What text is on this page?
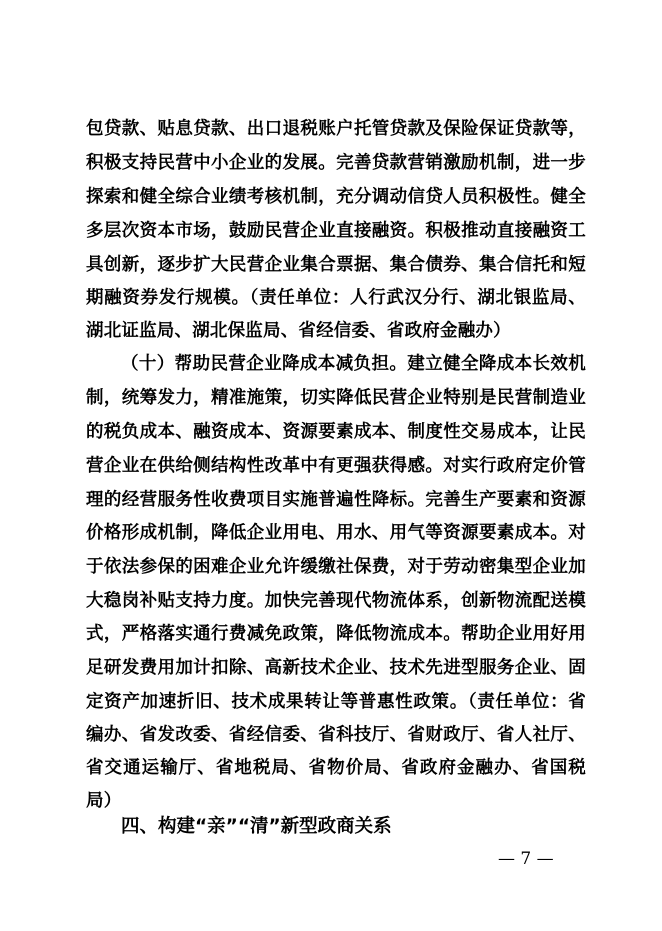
包贷款、贴息贷款、出口退税账户托管贷款及保险保证贷款等，
积极支持民营中小企业的发展。完善贷款营销激励机制，进一步
探索和健全综合业绩考核机制，充分调动信贷人员积极性。健全
多层次资本市场，鼓励民营企业直接融资。积极推动直接融资工
具创新，逐步扩大民营企业集合票据、集合债券、集合信托和短
期融资券发行规模。（责任单位：人行武汉分行、湖北银监局、
湖北证监局、湖北保监局、省经信委、省政府金融办）
（十）帮助民营企业降成本减负担。建立健全降成本长效机
制，统筹发力，精准施策，切实降低民营企业特别是民营制造业
的税负成本、融资成本、资源要素成本、制度性交易成本，让民
营企业在供给侧结构性改革中有更强获得感。对实行政府定价管
理的经营服务性收费项目实施普遍性降标。完善生产要素和资源
价格形成机制，降低企业用电、用水、用气等资源要素成本。对
于依法参保的困难企业允许缓缴社保费，对于劳动密集型企业加
大稳岗补贴支持力度。加快完善现代物流体系，创新物流配送模
式，严格落实通行费减免政策，降低物流成本。帮助企业用好用
足研发费用加计扣除、高新技术企业、技术先进型服务企业、固
定资产加速折旧、技术成果转让等普惠性政策。（责任单位：省
编办、省发改委、省经信委、省科技厅、省财政厅、省人社厅、
省交通运输厅、省地税局、省物价局、省政府金融办、省国税
局）
四、构建“亲”“清”新型政商关系
— 7 —
